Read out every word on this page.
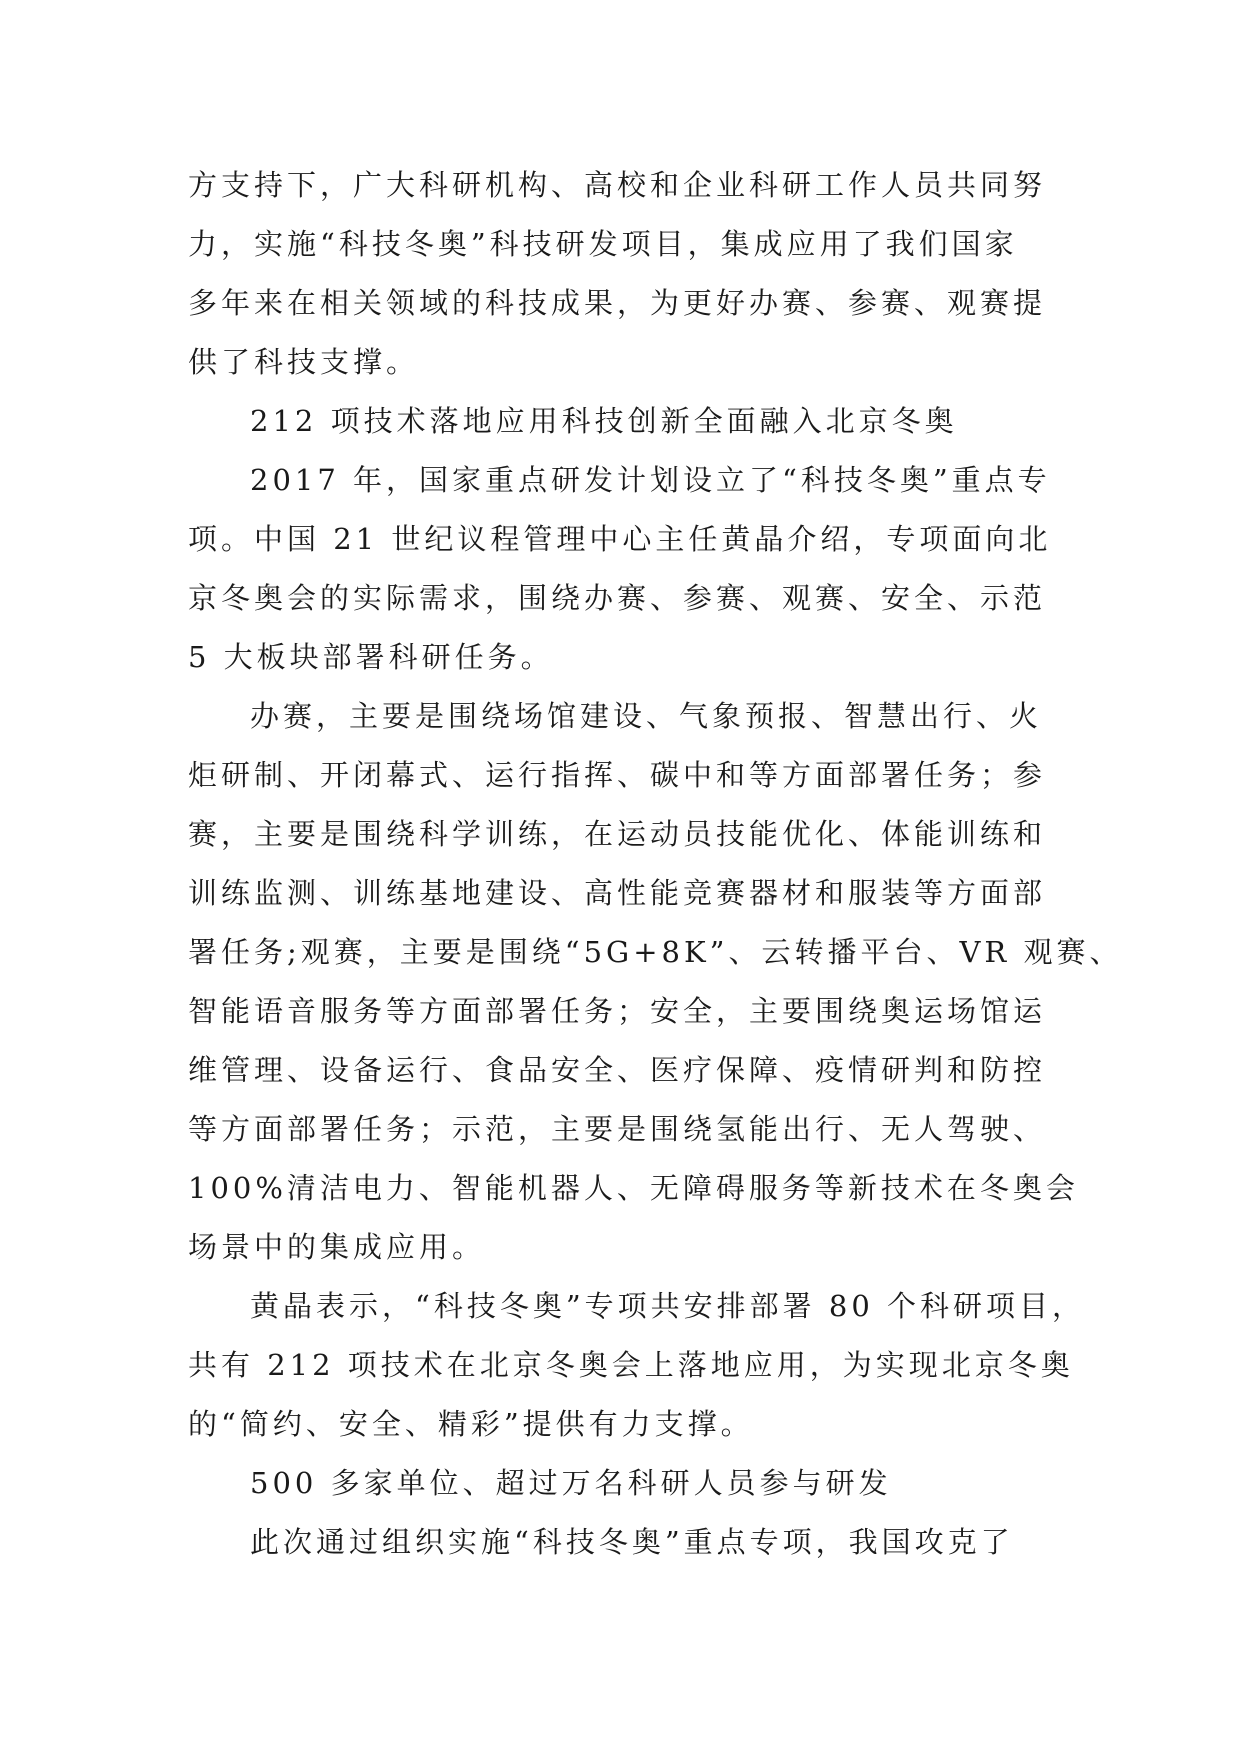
方支持下，广大科研机构、高校和企业科研工作人员共同努
力，实施“科技冬奥”科技研发项目，集成应用了我们国家
多年来在相关领域的科技成果，为更好办赛、参赛、观赛提
供了科技支撑。
212 项技术落地应用科技创新全面融入北京冬奥
2017 年，国家重点研发计划设立了“科技冬奥”重点专
项。中国 21 世纪议程管理中心主任黄晶介绍，专项面向北
京冬奥会的实际需求，围绕办赛、参赛、观赛、安全、示范
5 大板块部署科研任务。
办赛，主要是围绕场馆建设、气象预报、智慧出行、火
炬研制、开闭幕式、运行指挥、碳中和等方面部署任务；参
赛，主要是围绕科学训练，在运动员技能优化、体能训练和
训练监测、训练基地建设、高性能竞赛器材和服装等方面部
署任务;观赛，主要是围绕“5G+8K”、云转播平台、VR 观赛、
智能语音服务等方面部署任务；安全，主要围绕奥运场馆运
维管理、设备运行、食品安全、医疗保障、疫情研判和防控
等方面部署任务；示范，主要是围绕氢能出行、无人驾驶、
100%清洁电力、智能机器人、无障碍服务等新技术在冬奥会
场景中的集成应用。
黄晶表示，“科技冬奥”专项共安排部署 80 个科研项目，
共有 212 项技术在北京冬奥会上落地应用，为实现北京冬奥
的“简约、安全、精彩”提供有力支撑。
500 多家单位、超过万名科研人员参与研发
此次通过组织实施“科技冬奥”重点专项，我国攻克了
